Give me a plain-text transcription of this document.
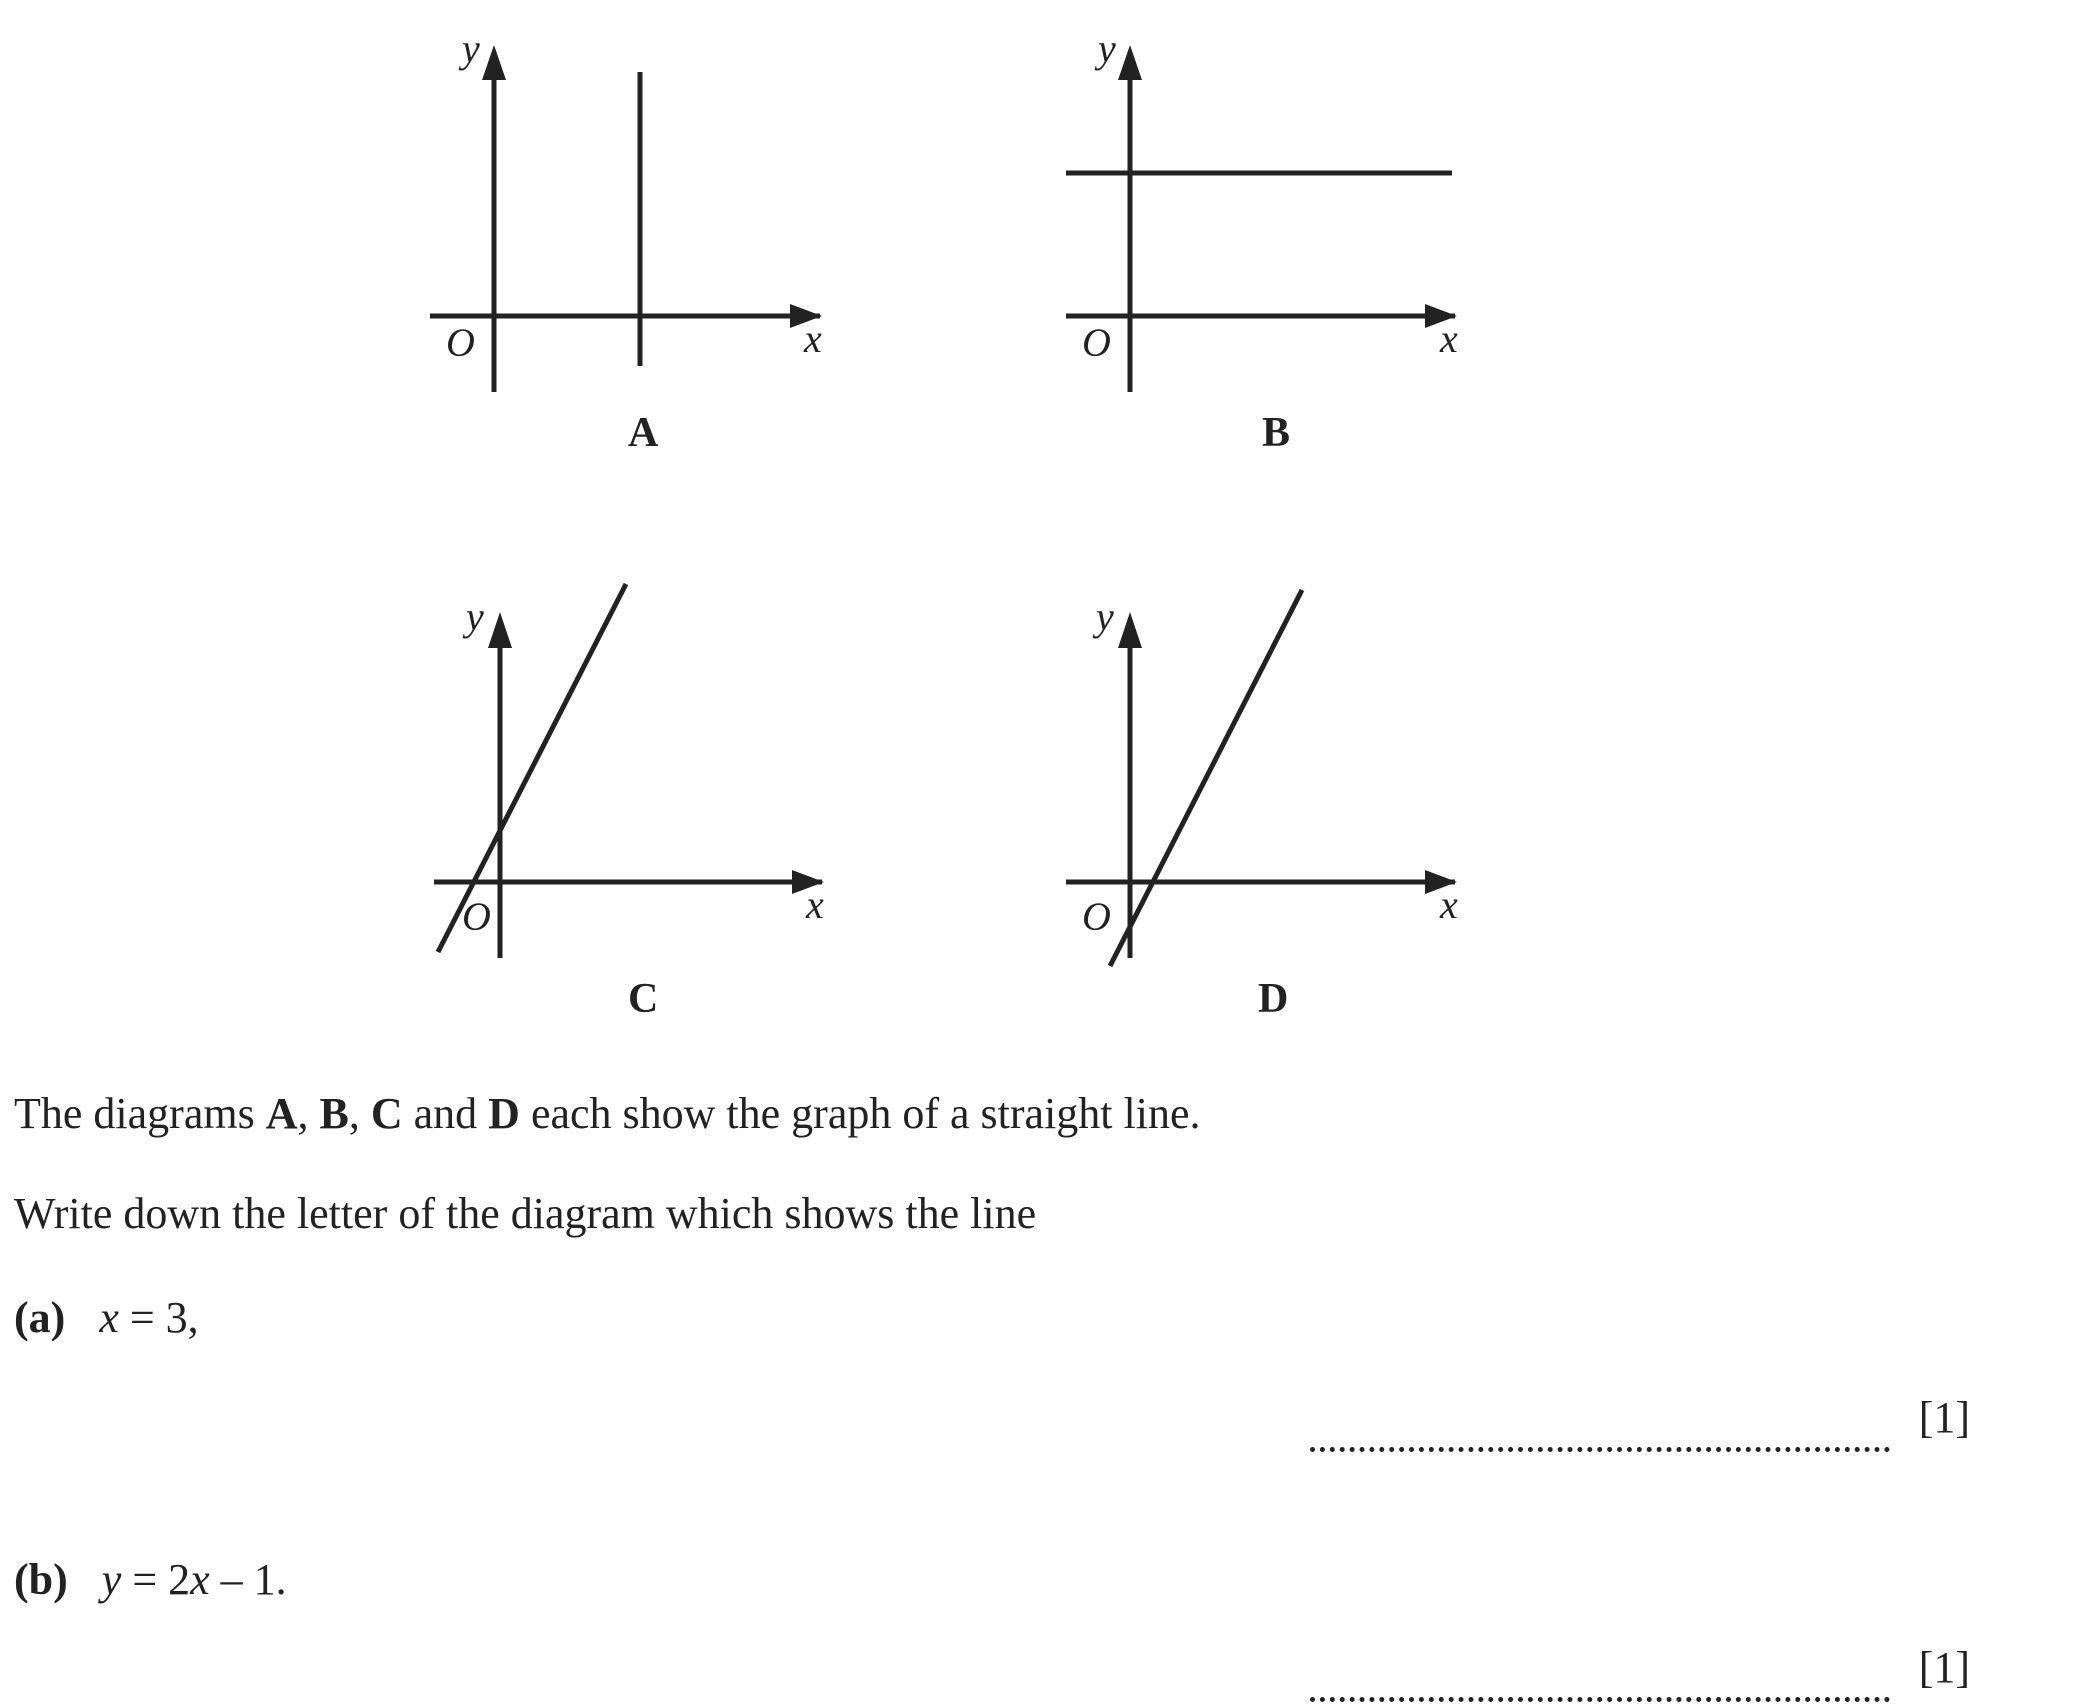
y
x
O
A
y
x
O
B
y
x
O
C
y
x
O
D
The diagrams A, B, C and D each show the graph of a straight line.
Write down the letter of the diagram which shows the line
(a) x = 3,
[1]
(b) y = 2x – 1.
[1]
